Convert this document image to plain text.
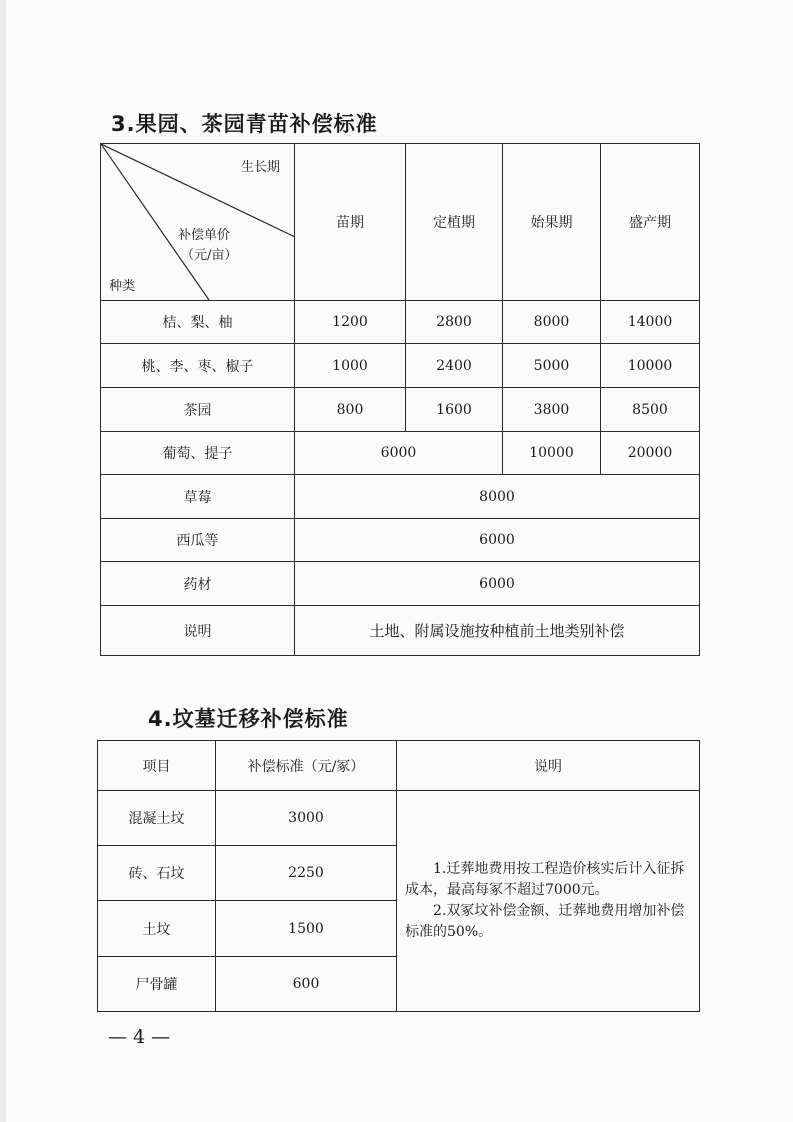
3.果园、茶园青苗补偿标准
生长期
补偿单价
（元/亩）
种类	苗期	定植期	始果期	盛产期
桔、梨、柚	1200	2800	8000	14000
桃、李、枣、椒子	1000	2400	5000	10000
茶园	800	1600	3800	8500
葡萄、提子	6000		10000	20000
草莓	8000			
西瓜等	6000			
药材	6000			
说明	土地、附属设施按种植前土地类别补偿			
4.坟墓迁移补偿标准
项目	补偿标准（元/冢）	说明
混凝土坟	3000	1.迁葬地费用按工程造价核实后计入征拆成本，最高每冢不超过7000元。

2.双冢坟补偿金额、迁葬地费用增加补偿标准的50%。

砖、石坟	2250	
土坟	1500	
尸骨罐	600	
— 4 —
